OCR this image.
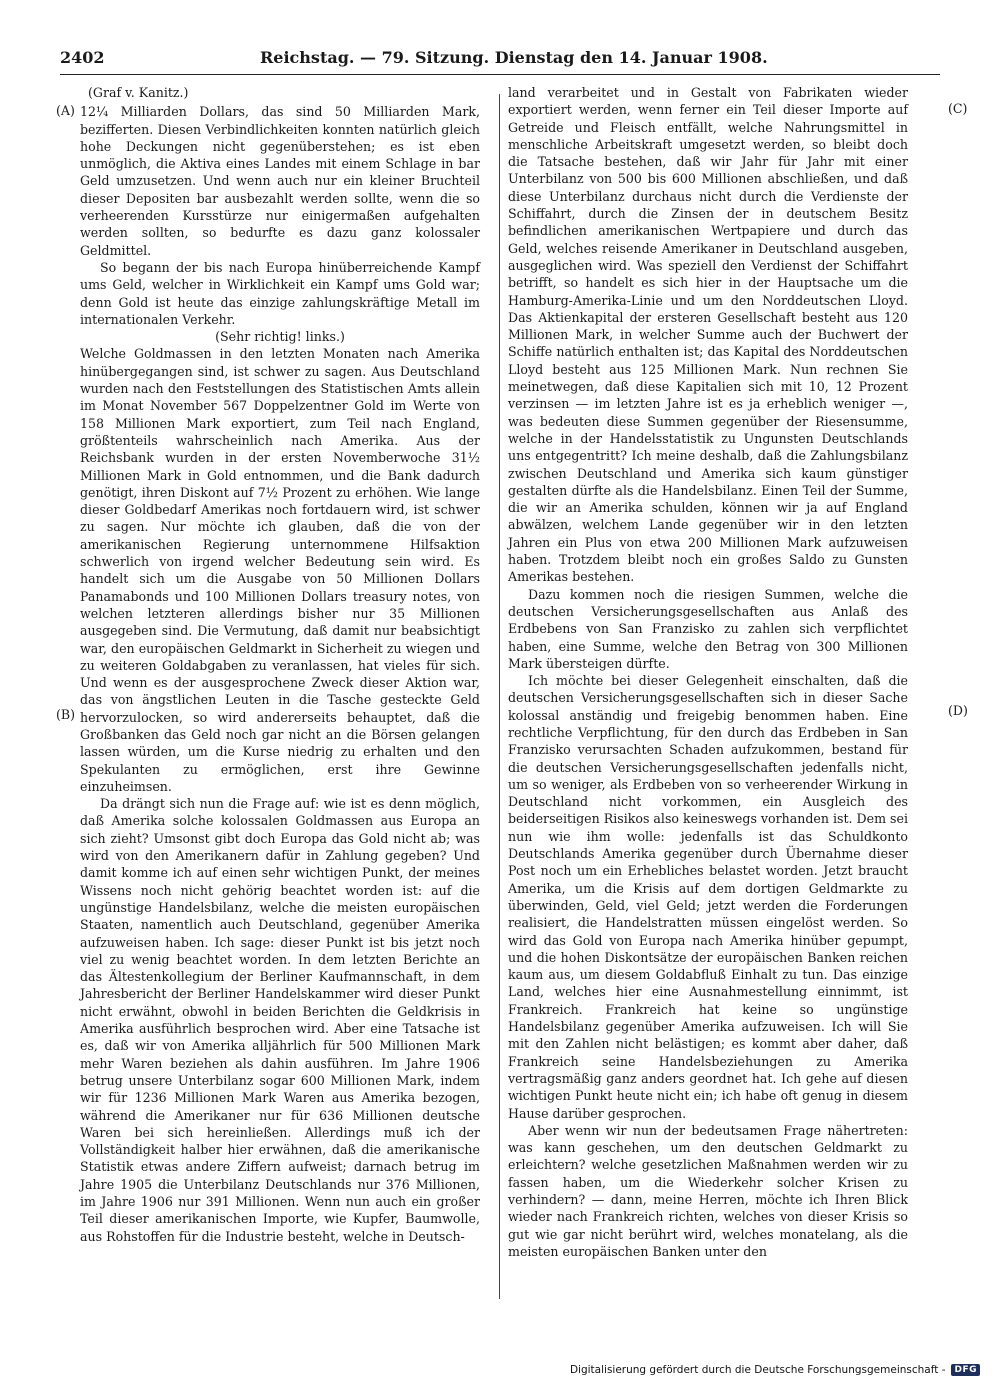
2402	Reichstag. — 79. Sitzung. Dienstag den 14. Januar 1908.
(A)
(B)
(C)
(D)

(Graf v. Kanitz.)

12¼ Milliarden Dollars, das sind 50 Milliarden Mark, bezifferten. Diesen Verbindlichkeiten konnten natürlich gleich hohe Deckungen nicht gegenüberstehen; es ist eben unmöglich, die Aktiva eines Landes mit einem Schlage in bar Geld umzusetzen. Und wenn auch nur ein kleiner Bruchteil dieser Depositen bar ausbezahlt werden sollte, wenn die so verheerenden Kursstürze nur einigermaßen aufgehalten werden sollten, so bedurfte es dazu ganz kolossaler Geldmittel.

So begann der bis nach Europa hinüberreichende Kampf ums Geld, welcher in Wirklichkeit ein Kampf ums Gold war; denn Gold ist heute das einzige zahlungskräftige Metall im internationalen Verkehr.

(Sehr richtig! links.)

Welche Goldmassen in den letzten Monaten nach Amerika hinübergegangen sind, ist schwer zu sagen. Aus Deutschland wurden nach den Feststellungen des Statistischen Amts allein im Monat November 567 Doppelzentner Gold im Werte von 158 Millionen Mark exportiert, zum Teil nach England, größtenteils wahrscheinlich nach Amerika. Aus der Reichsbank wurden in der ersten Novemberwoche 31½ Millionen Mark in Gold entnommen, und die Bank dadurch genötigt, ihren Diskont auf 7½ Prozent zu erhöhen. Wie lange dieser Goldbedarf Amerikas noch fortdauern wird, ist schwer zu sagen. Nur möchte ich glauben, daß die von der amerikanischen Regierung unternommene Hilfsaktion schwerlich von irgend welcher Bedeutung sein wird. Es handelt sich um die Ausgabe von 50 Millionen Dollars Panamabonds und 100 Millionen Dollars treasury notes, von welchen letzteren allerdings bisher nur 35 Millionen ausgegeben sind. Die Vermutung, daß damit nur beabsichtigt war, den europäischen Geldmarkt in Sicherheit zu wiegen und zu weiteren Goldabgaben zu veranlassen, hat vieles für sich. Und wenn es der ausgesprochene Zweck dieser Aktion war, das von ängstlichen Leuten in die Tasche gesteckte Geld hervorzulocken, so wird andererseits behauptet, daß die Großbanken das Geld noch gar nicht an die Börsen gelangen lassen würden, um die Kurse niedrig zu erhalten und den Spekulanten zu ermöglichen, erst ihre Gewinne einzuheimsen.

Da drängt sich nun die Frage auf: wie ist es denn möglich, daß Amerika solche kolossalen Goldmassen aus Europa an sich zieht? Umsonst gibt doch Europa das Gold nicht ab; was wird von den Amerikanern dafür in Zahlung gegeben? Und damit komme ich auf einen sehr wichtigen Punkt, der meines Wissens noch nicht gehörig beachtet worden ist: auf die ungünstige Handelsbilanz, welche die meisten europäischen Staaten, namentlich auch Deutschland, gegenüber Amerika aufzuweisen haben. Ich sage: dieser Punkt ist bis jetzt noch viel zu wenig beachtet worden. In dem letzten Berichte an das Ältestenkollegium der Berliner Kaufmannschaft, in dem Jahresbericht der Berliner Handelskammer wird dieser Punkt nicht erwähnt, obwohl in beiden Berichten die Geldkrisis in Amerika ausführlich besprochen wird. Aber eine Tatsache ist es, daß wir von Amerika alljährlich für 500 Millionen Mark mehr Waren beziehen als dahin ausführen. Im Jahre 1906 betrug unsere Unterbilanz sogar 600 Millionen Mark, indem wir für 1236 Millionen Mark Waren aus Amerika bezogen, während die Amerikaner nur für 636 Millionen deutsche Waren bei sich hereinließen. Allerdings muß ich der Vollständigkeit halber hier erwähnen, daß die amerikanische Statistik etwas andere Ziffern aufweist; darnach betrug im Jahre 1905 die Unterbilanz Deutschlands nur 376 Millionen, im Jahre 1906 nur 391 Millionen. Wenn nun auch ein großer Teil dieser amerikanischen Importe, wie Kupfer, Baumwolle, aus Rohstoffen für die Industrie besteht, welche in Deutsch-

land verarbeitet und in Gestalt von Fabrikaten wieder exportiert werden, wenn ferner ein Teil dieser Importe auf Getreide und Fleisch entfällt, welche Nahrungsmittel in menschliche Arbeitskraft umgesetzt werden, so bleibt doch die Tatsache bestehen, daß wir Jahr für Jahr mit einer Unterbilanz von 500 bis 600 Millionen abschließen, und daß diese Unterbilanz durchaus nicht durch die Verdienste der Schiffahrt, durch die Zinsen der in deutschem Besitz befindlichen amerikanischen Wertpapiere und durch das Geld, welches reisende Amerikaner in Deutschland ausgeben, ausgeglichen wird. Was speziell den Verdienst der Schiffahrt betrifft, so handelt es sich hier in der Hauptsache um die Hamburg-Amerika-Linie und um den Norddeutschen Lloyd. Das Aktienkapital der ersteren Gesellschaft besteht aus 120 Millionen Mark, in welcher Summe auch der Buchwert der Schiffe natürlich enthalten ist; das Kapital des Norddeutschen Lloyd besteht aus 125 Millionen Mark. Nun rechnen Sie meinetwegen, daß diese Kapitalien sich mit 10, 12 Prozent verzinsen — im letzten Jahre ist es ja erheblich weniger —, was bedeuten diese Summen gegenüber der Riesensumme, welche in der Handelsstatistik zu Ungunsten Deutschlands uns entgegentritt? Ich meine deshalb, daß die Zahlungsbilanz zwischen Deutschland und Amerika sich kaum günstiger gestalten dürfte als die Handelsbilanz. Einen Teil der Summe, die wir an Amerika schulden, können wir ja auf England abwälzen, welchem Lande gegenüber wir in den letzten Jahren ein Plus von etwa 200 Millionen Mark aufzuweisen haben. Trotzdem bleibt noch ein großes Saldo zu Gunsten Amerikas bestehen.

Dazu kommen noch die riesigen Summen, welche die deutschen Versicherungsgesellschaften aus Anlaß des Erdbebens von San Franzisko zu zahlen sich verpflichtet haben, eine Summe, welche den Betrag von 300 Millionen Mark übersteigen dürfte.

Ich möchte bei dieser Gelegenheit einschalten, daß die deutschen Versicherungsgesellschaften sich in dieser Sache kolossal anständig und freigebig benommen haben. Eine rechtliche Verpflichtung, für den durch das Erdbeben in San Franzisko verursachten Schaden aufzukommen, bestand für die deutschen Versicherungsgesellschaften jedenfalls nicht, um so weniger, als Erdbeben von so verheerender Wirkung in Deutschland nicht vorkommen, ein Ausgleich des beiderseitigen Risikos also keineswegs vorhanden ist. Dem sei nun wie ihm wolle: jedenfalls ist das Schuldkonto Deutschlands Amerika gegenüber durch Übernahme dieser Post noch um ein Erhebliches belastet worden. Jetzt braucht Amerika, um die Krisis auf dem dortigen Geldmarkte zu überwinden, Geld, viel Geld; jetzt werden die Forderungen realisiert, die Handelstratten müssen eingelöst werden. So wird das Gold von Europa nach Amerika hinüber gepumpt, und die hohen Diskontsätze der europäischen Banken reichen kaum aus, um diesem Goldabfluß Einhalt zu tun. Das einzige Land, welches hier eine Ausnahmestellung einnimmt, ist Frankreich. Frankreich hat keine so ungünstige Handelsbilanz gegenüber Amerika aufzuweisen. Ich will Sie mit den Zahlen nicht belästigen; es kommt aber daher, daß Frankreich seine Handelsbeziehungen zu Amerika vertragsmäßig ganz anders geordnet hat. Ich gehe auf diesen wichtigen Punkt heute nicht ein; ich habe oft genug in diesem Hause darüber gesprochen.

Aber wenn wir nun der bedeutsamen Frage nähertreten: was kann geschehen, um den deutschen Geldmarkt zu erleichtern? welche gesetzlichen Maßnahmen werden wir zu fassen haben, um die Wiederkehr solcher Krisen zu verhindern? — dann, meine Herren, möchte ich Ihren Blick wieder nach Frankreich richten, welches von dieser Krisis so gut wie gar nicht berührt wird, welches monatelang, als die meisten europäischen Banken unter den

Digitalisierung gefördert durch die Deutsche Forschungsgemeinschaft -	DFG
